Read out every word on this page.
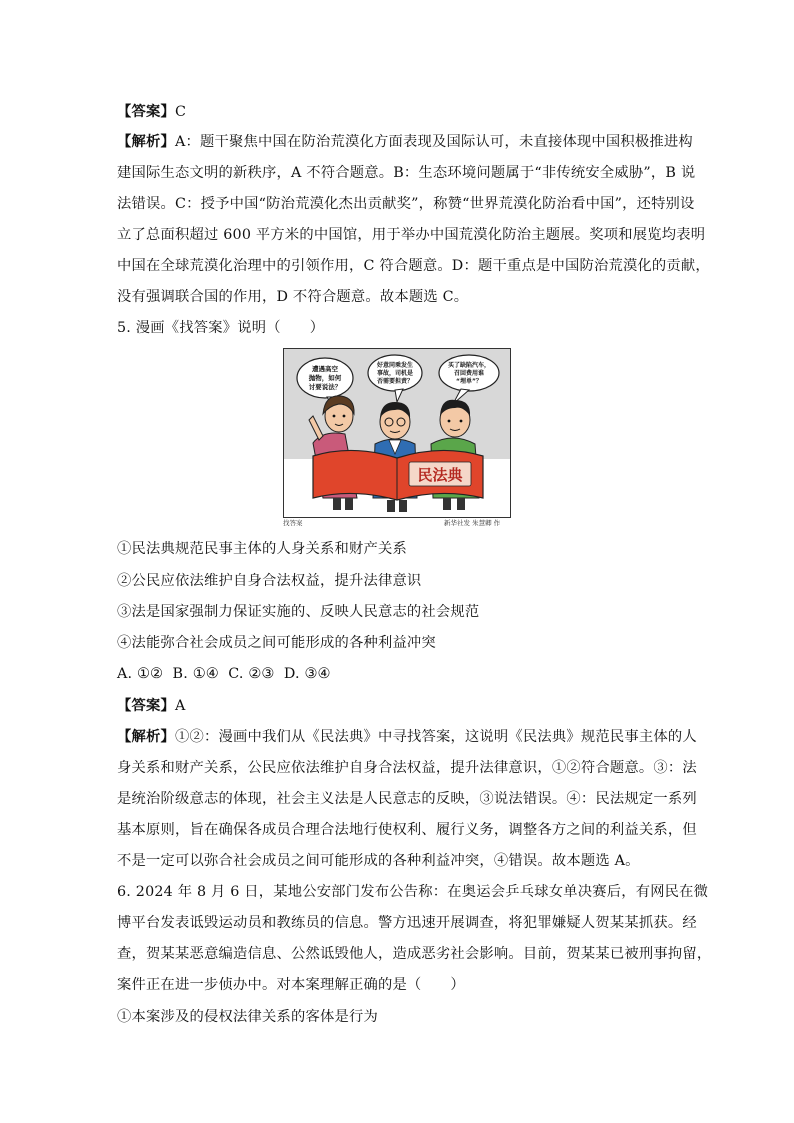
【答案】C
【解析】A：题干聚焦中国在防治荒漠化方面表现及国际认可，未直接体现中国积极推进构
建国际生态文明的新秩序，A 不符合题意。B：生态环境问题属于“非传统安全威胁”，B 说
法错误。C：授予中国“防治荒漠化杰出贡献奖”，称赞“世界荒漠化防治看中国”，还特别设
立了总面积超过 600 平方米的中国馆，用于举办中国荒漠化防治主题展。奖项和展览均表明
中国在全球荒漠化治理中的引领作用，C 符合题意。D：题干重点是中国防治荒漠化的贡献，
没有强调联合国的作用，D 不符合题意。故本题选 C。
5. 漫画《找答案》说明（　　）
遭遇高空
抛物，如何
讨要说法？
好意同乘发生
事故，司机是
否需要担责？
买了缺陷汽车，
召回费用谁
“埋单”？
民法典
找答案	新华社发 朱慧卿 作
①民法典规范民事主体的人身关系和财产关系
②公民应依法维护自身合法权益，提升法律意识
③法是国家强制力保证实施的、反映人民意志的社会规范
④法能弥合社会成员之间可能形成的各种利益冲突
A. ①②  B. ①④  C. ②③  D. ③④
【答案】A
【解析】①②：漫画中我们从《民法典》中寻找答案，这说明《民法典》规范民事主体的人
身关系和财产关系，公民应依法维护自身合法权益，提升法律意识，①②符合题意。③：法
是统治阶级意志的体现，社会主义法是人民意志的反映，③说法错误。④：民法规定一系列
基本原则，旨在确保各成员合理合法地行使权利、履行义务，调整各方之间的利益关系，但
不是一定可以弥合社会成员之间可能形成的各种利益冲突，④错误。故本题选 A。
6. 2024 年 8 月 6 日，某地公安部门发布公告称：在奥运会乒乓球女单决赛后，有网民在微
博平台发表诋毁运动员和教练员的信息。警方迅速开展调查，将犯罪嫌疑人贺某某抓获。经
查，贺某某恶意编造信息、公然诋毁他人，造成恶劣社会影响。目前，贺某某已被刑事拘留，
案件正在进一步侦办中。对本案理解正确的是（　　）
①本案涉及的侵权法律关系的客体是行为
